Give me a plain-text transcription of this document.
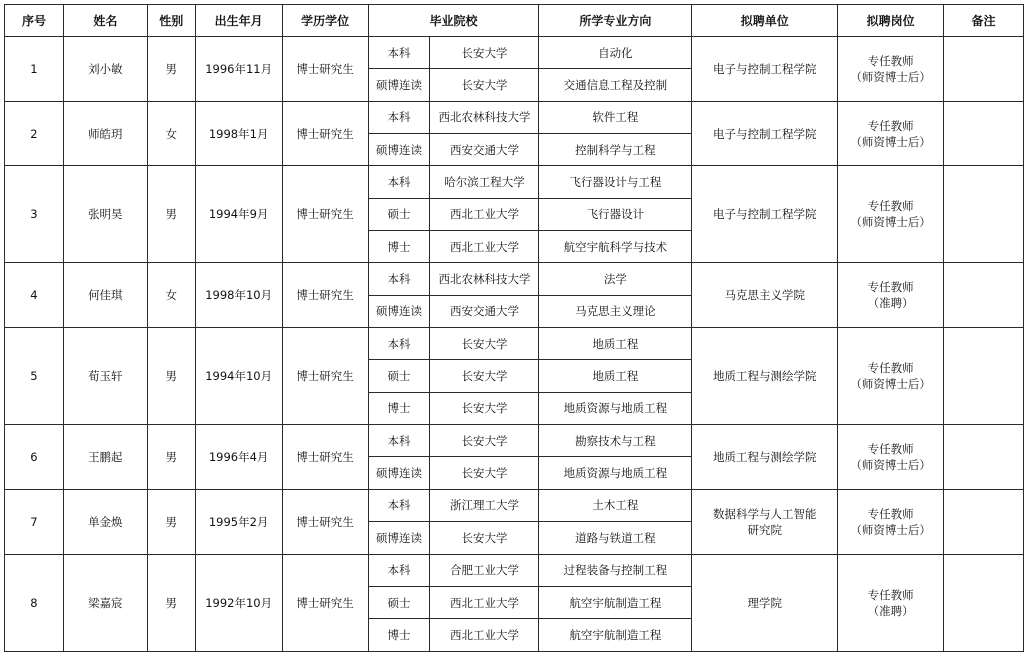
序号	姓名	性别	出生年月	学历学位	毕业院校		所学专业方向	拟聘单位	拟聘岗位	备注
1	刘小敏	男	1996年11月	博士研究生	本科	长安大学	自动化	电子与控制工程学院	专任教师
（师资博士后）	

					硕博连读	长安大学	交通信息工程及控制			
2	师皓玥	女	1998年1月	博士研究生	本科	西北农林科技大学	软件工程	电子与控制工程学院	专任教师
（师资博士后）	

					硕博连读	西安交通大学	控制科学与工程			
3	张明昊	男	1994年9月	博士研究生	本科	哈尔滨工程大学	飞行器设计与工程	电子与控制工程学院	专任教师
（师资博士后）	

					硕士	西北工业大学	飞行器设计			
					博士	西北工业大学	航空宇航科学与技术			
4	何佳琪	女	1998年10月	博士研究生	本科	西北农林科技大学	法学	马克思主义学院	专任教师
（准聘）	

					硕博连读	西安交通大学	马克思主义理论			
5	荀玉轩	男	1994年10月	博士研究生	本科	长安大学	地质工程	地质工程与测绘学院	专任教师
（师资博士后）	

					硕士	长安大学	地质工程			
					博士	长安大学	地质资源与地质工程			
6	王鹏起	男	1996年4月	博士研究生	本科	长安大学	勘察技术与工程	地质工程与测绘学院	专任教师
（师资博士后）	

					硕博连读	长安大学	地质资源与地质工程			
7	单金焕	男	1995年2月	博士研究生	本科	浙江理工大学	土木工程	数据科学与人工智能
研究院	专任教师
（师资博士后）	

					硕博连读	长安大学	道路与铁道工程			
8	梁嘉宸	男	1992年10月	博士研究生	本科	合肥工业大学	过程装备与控制工程	理学院	专任教师
（准聘）	

					硕士	西北工业大学	航空宇航制造工程			
					博士	西北工业大学	航空宇航制造工程			
